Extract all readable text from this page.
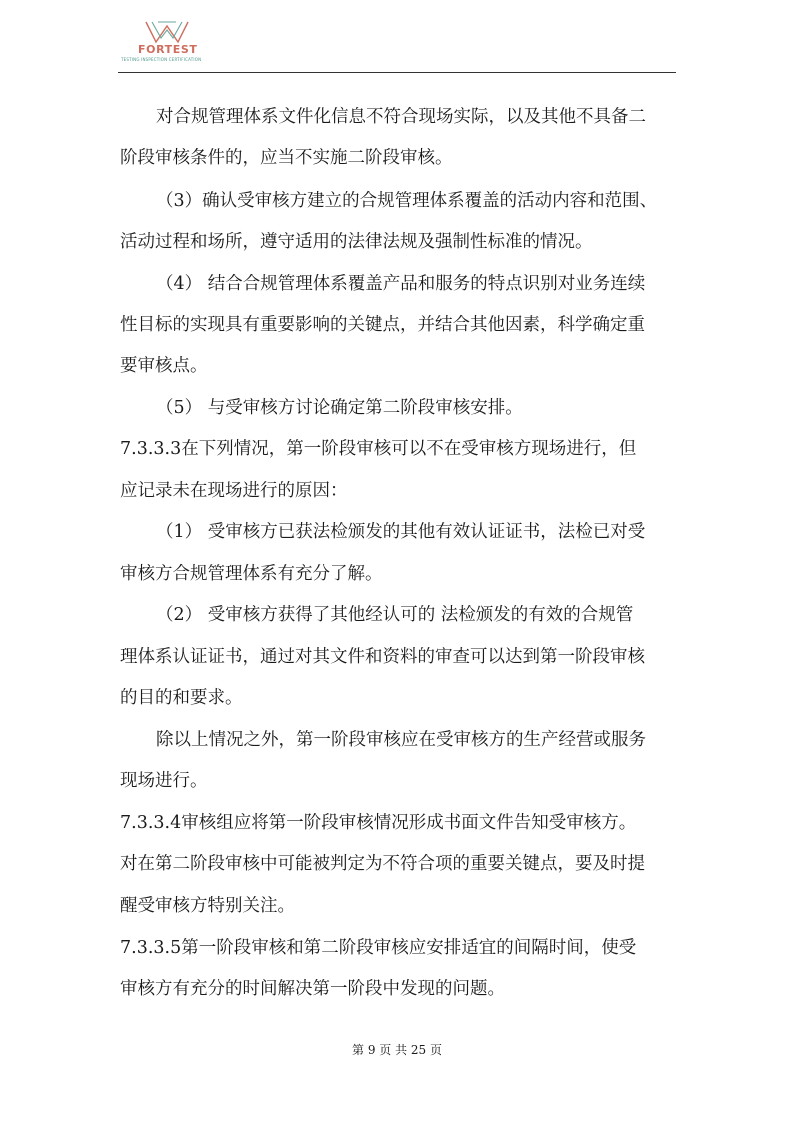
FORTEST
TESTING INSPECTION CERTIFICATION
对合规管理体系文件化信息不符合现场实际，以及其他不具备二
阶段审核条件的，应当不实施二阶段审核。
（3）确认受审核方建立的合规管理体系覆盖的活动内容和范围、
活动过程和场所，遵守适用的法律法规及强制性标准的情况。
（4） 结合合规管理体系覆盖产品和服务的特点识别对业务连续
性目标的实现具有重要影响的关键点，并结合其他因素，科学确定重
要审核点。
（5） 与受审核方讨论确定第二阶段审核安排。
7.3.3.3在下列情况，第一阶段审核可以不在受审核方现场进行，但
应记录未在现场进行的原因：
（1） 受审核方已获法检颁发的其他有效认证证书，法检已对受
审核方合规管理体系有充分了解。
（2） 受审核方获得了其他经认可的 法检颁发的有效的合规管
理体系认证证书，通过对其文件和资料的审查可以达到第一阶段审核
的目的和要求。
除以上情况之外，第一阶段审核应在受审核方的生产经营或服务
现场进行。
7.3.3.4审核组应将第一阶段审核情况形成书面文件告知受审核方。
对在第二阶段审核中可能被判定为不符合项的重要关键点，要及时提
醒受审核方特别关注。
7.3.3.5第一阶段审核和第二阶段审核应安排适宜的间隔时间，使受
审核方有充分的时间解决第一阶段中发现的问题。
第 9 页 共 25 页
